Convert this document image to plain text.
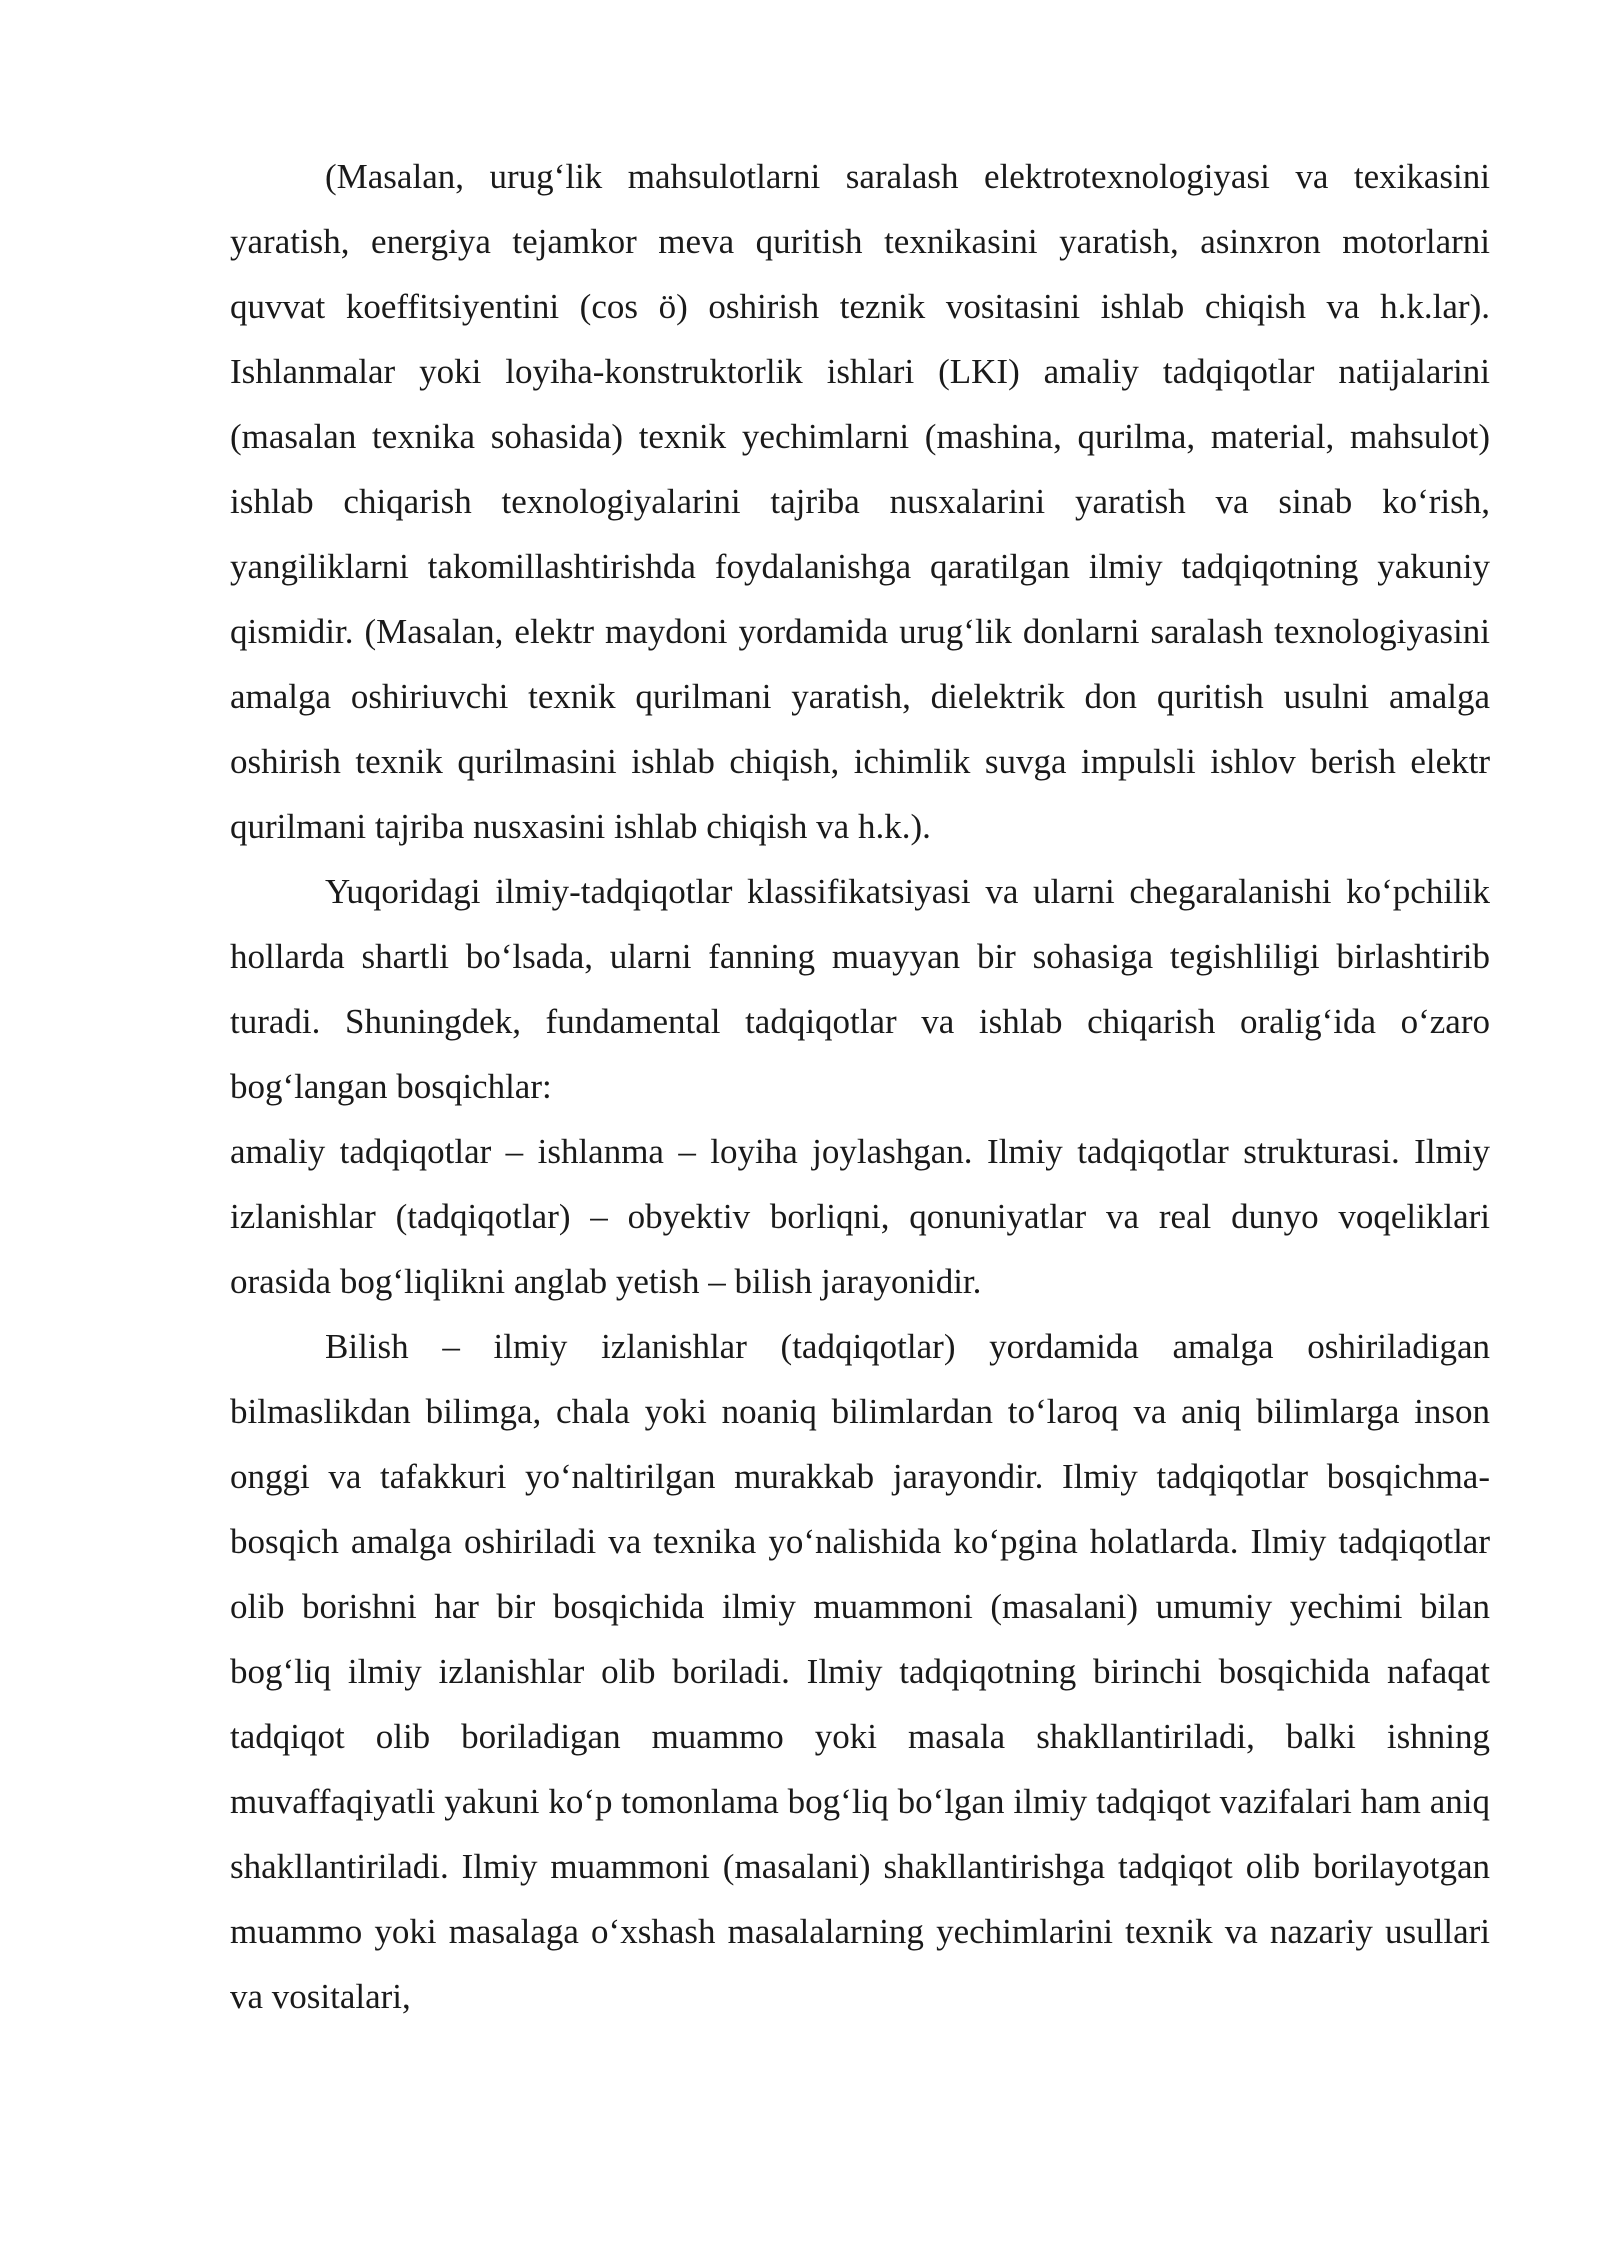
(Masalan, urug‘lik mahsulotlarni saralash elektrotexnologiyasi va texikasini yaratish, energiya tejamkor meva quritish texnikasini yaratish, asinxron motorlarni quvvat koeffitsiyentini (cos ö) oshirish teznik vositasini ishlab chiqish va h.k.lar). Ishlanmalar yoki loyiha-konstruktorlik ishlari (LKI) amaliy tadqiqotlar natijalarini (masalan texnika sohasida) texnik yechimlarni (mashina, qurilma, material, mahsulot) ishlab chiqarish texnologiyalarini tajriba nusxalarini yaratish va sinab ko‘rish, yangiliklarni takomillashtirishda foydalanishga qaratilgan ilmiy tadqiqotning yakuniy qismidir. (Masalan, elektr maydoni yordamida urug‘lik donlarni saralash texnologiyasini amalga oshiriuvchi texnik qurilmani yaratish, dielektrik don quritish usulni amalga oshirish texnik qurilmasini ishlab chiqish, ichimlik suvga impulsli ishlov berish elektr qurilmani tajriba nusxasini ishlab chiqish va h.k.).

Yuqoridagi ilmiy-tadqiqotlar klassifikatsiyasi va ularni chegaralanishi ko‘pchilik hollarda shartli bo‘lsada, ularni fanning muayyan bir sohasiga tegishliligi birlashtirib turadi. Shuningdek, fundamental tadqiqotlar va ishlab chiqarish oralig‘ida o‘zaro bog‘langan bosqichlar:

amaliy tadqiqotlar – ishlanma – loyiha joylashgan. Ilmiy tadqiqotlar strukturasi. Ilmiy izlanishlar (tadqiqotlar) – obyektiv borliqni, qonuniyatlar va real dunyo voqeliklari orasida bog‘liqlikni anglab yetish – bilish jarayonidir.

Bilish – ilmiy izlanishlar (tadqiqotlar) yordamida amalga oshiriladigan bilmaslikdan bilimga, chala yoki noaniq bilimlardan to‘laroq va aniq bilimlarga inson onggi va tafakkuri yo‘naltirilgan murakkab jarayondir. Ilmiy tadqiqotlar bosqichma-bosqich amalga oshiriladi va texnika yo‘nalishida ko‘pgina holatlarda. Ilmiy tadqiqotlar olib borishni har bir bosqichida ilmiy muammoni (masalani) umumiy yechimi bilan bog‘liq ilmiy izlanishlar olib boriladi. Ilmiy tadqiqotning birinchi bosqichida nafaqat tadqiqot olib boriladigan muammo yoki masala shakllantiriladi, balki ishning muvaffaqiyatli yakuni ko‘p tomonlama bog‘liq bo‘lgan ilmiy tadqiqot vazifalari ham aniq shakllantiriladi. Ilmiy muammoni (masalani) shakllantirishga tadqiqot olib borilayotgan muammo yoki masalaga o‘xshash masalalarning yechimlarini texnik va nazariy usullari va vositalari,
